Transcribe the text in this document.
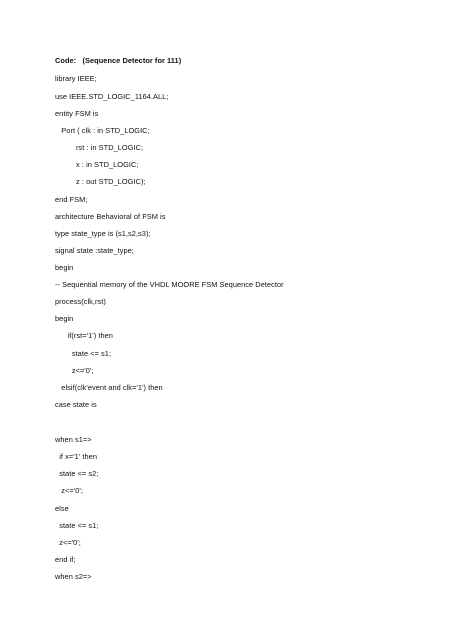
Code: (Sequence Detector for 111)
library IEEE;
use IEEE.STD_LOGIC_1164.ALL;
entity FSM is
Port ( clk : in STD_LOGIC;
rst : in STD_LOGIC;
x : in STD_LOGIC;
z : out STD_LOGIC);
end FSM;
architecture Behavioral of FSM is
type state_type is (s1,s2,s3);
signal state :state_type;
begin
-- Sequential memory of the VHDL MOORE FSM Sequence Detector
process(clk,rst)
begin
if(rst='1') then
state <= s1;
z<='0';
elsif(clk'event and clk='1') then
case state is
when s1=>
if x='1' then
state <= s2;
z<='0';
else
state <= s1;
z<='0';
end if;
when s2=>
